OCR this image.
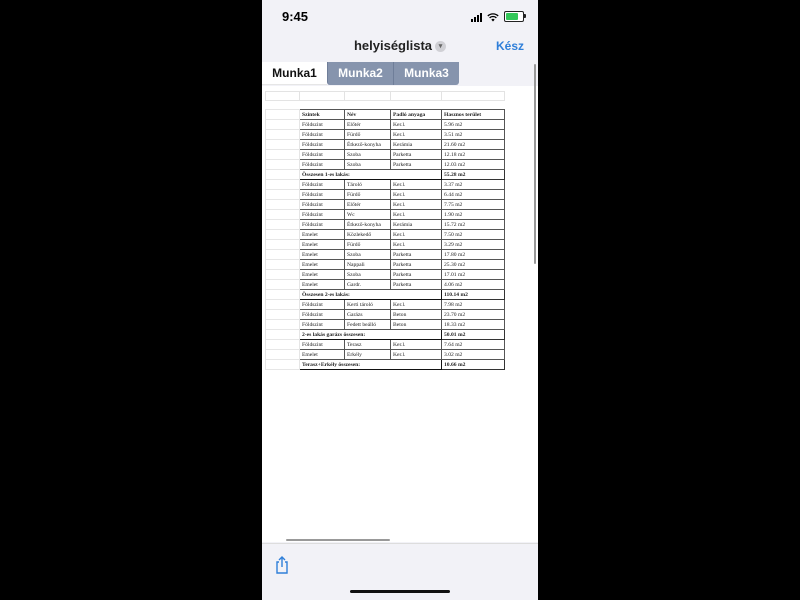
9:45
helyiséglista ▾	Kész
Munka1	Munka2	Munka3
	Szintek	Név	Padló anyaga	Hasznos terület
	Földszint	Előtér	Ker.l.	5.96 m2
	Földszint	Fürdő	Ker.l.	3.51 m2
	Földszint	Étkező-konyha	Kerámia	21.60 m2
	Földszint	Szoba	Parketta	12.18 m2
	Földszint	Szoba	Parketta	12.03 m2
	Összesen 1-es lakás:			55.28 m2
	Földszint	Tároló	Ker.l.	3.37 m2
	Földszint	Fürdő	Ker.l.	6.44 m2
	Földszint	Előtér	Ker.l.	7.75 m2
	Földszint	Wc	Ker.l.	1.90 m2
	Földszint	Étkező-konyha	Kerámia	15.72 m2
	Emelet	Közlekedő	Ker.l.	7.50 m2
	Emelet	Fürdő	Ker.l.	3.29 m2
	Emelet	Szoba	Parketta	17.80 m2
	Emelet	Nappali	Parketta	25.30 m2
	Emelet	Szoba	Parketta	17.01 m2
	Emelet	Gardr.	Parketta	4.06 m2
	Összesen 2-es lakás:			110.14 m2
	Földszint	Kerti tároló	Ker.l.	7.98 m2
	Földszint	Garázs	Beton	23.70 m2
	Földszint	Fedett beálló	Beton	18.33 m2
	2-es lakás garázs összesen:			50.01 m2
	Földszint	Terasz	Ker.l.	7.64 m2
	Emelet	Erkély	Ker.l.	3.02 m2
	Terasz+Erkély összesen:			10.66 m2
